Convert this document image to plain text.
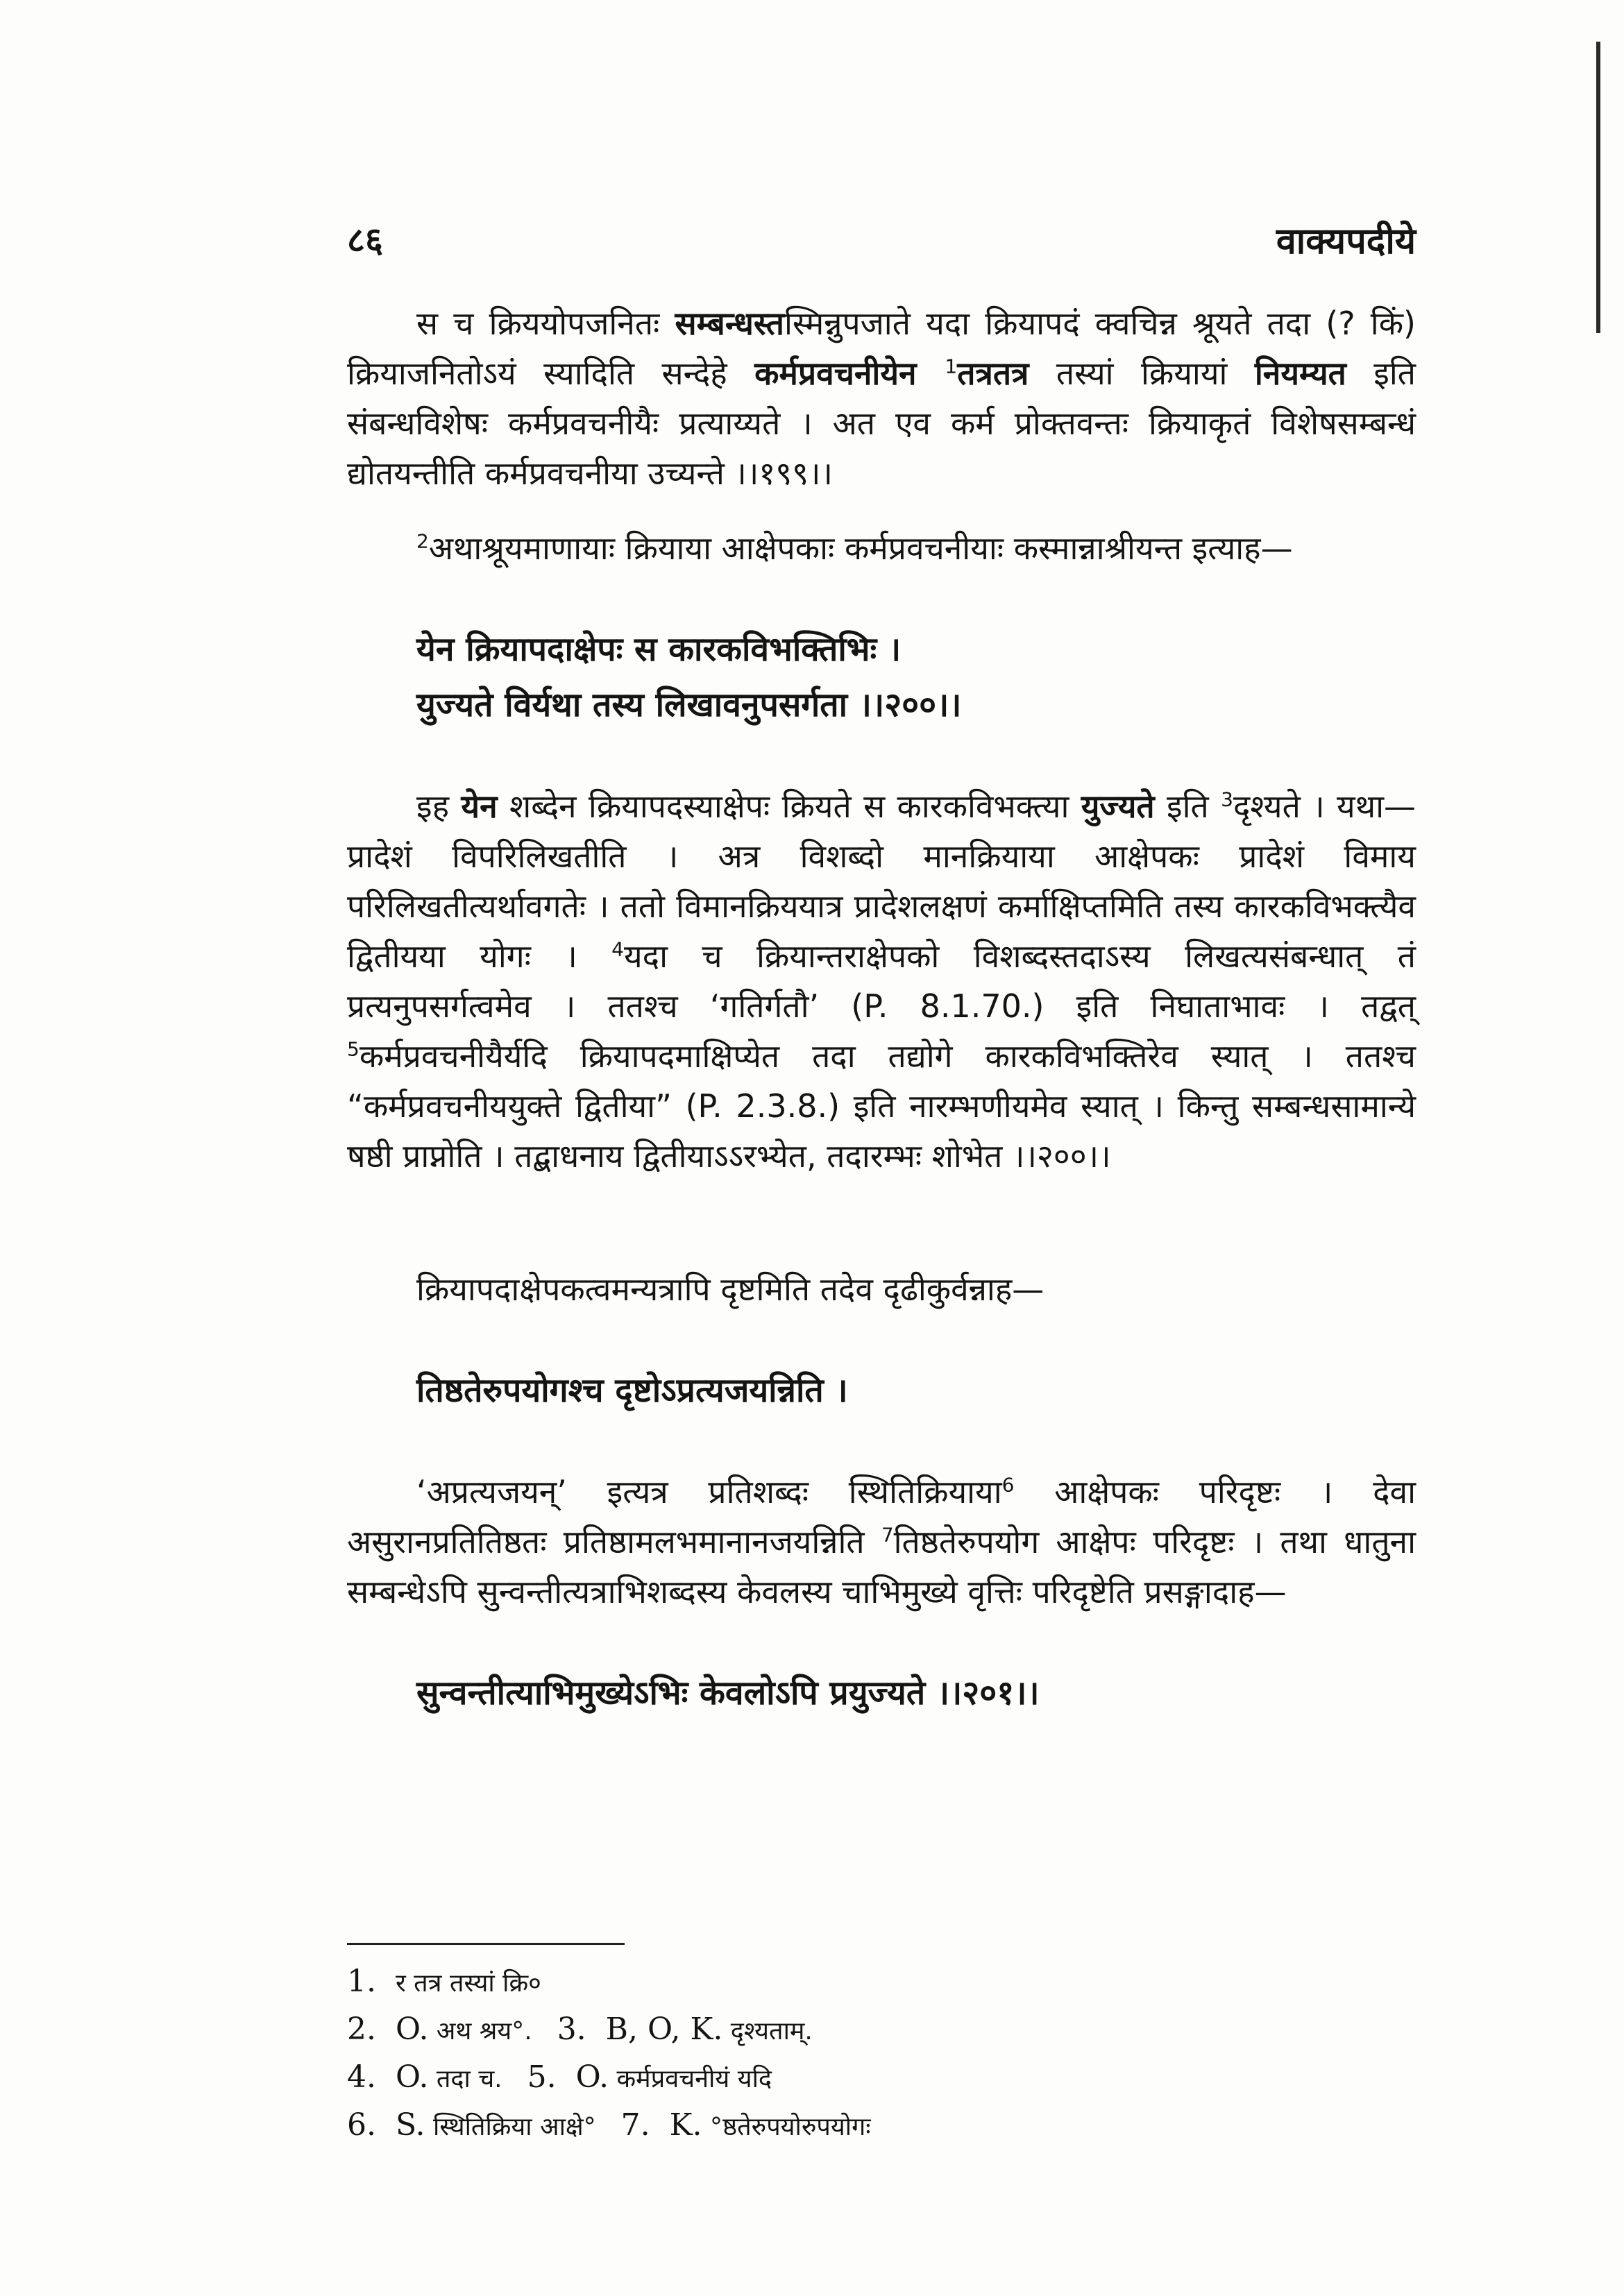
८६	वाक्यपदीये

स च क्रिययोपजनितः सम्बन्धस्तस्मिन्नुपजाते यदा क्रियापदं क्वचिन्न श्रूयते तदा (? किं) क्रियाजनितोऽयं स्यादिति सन्देहे कर्मप्रवचनीयेन $^1$तत्रतत्र तस्यां क्रियायां नियम्यत इति संबन्धविशेषः कर्मप्रवचनीयैः प्रत्याय्यते । अत एव कर्म प्रोक्तवन्तः क्रियाकृतं विशेषसम्बन्धं द्योतयन्तीति कर्मप्रवचनीया उच्यन्ते ।।१९९।।

$^2$अथाश्रूयमाणायाः क्रियाया आक्षेपकाः कर्मप्रवचनीयाः कस्मान्नाश्रीयन्त इत्याह—

येन क्रियापदाक्षेपः स कारकविभक्तिभिः ।

युज्यते विर्यथा तस्य लिखावनुपसर्गता ।।२००।।

इह येन शब्देन क्रियापदस्याक्षेपः क्रियते स कारकविभक्त्या युज्यते इति $^3$दृश्यते । यथा—प्रादेशं विपरिलिखतीति । अत्र विशब्दो मानक्रियाया आक्षेपकः प्रादेशं विमाय परिलिखतीत्यर्थावगतेः । ततो विमानक्रिययात्र प्रादेशलक्षणं कर्माक्षिप्तमिति तस्य कारकविभक्त्यैव द्वितीयया योगः । $^4$यदा च क्रियान्तराक्षेपको विशब्दस्तदाऽस्य लिखत्यसंबन्धात् तं प्रत्यनुपसर्गत्वमेव । ततश्च ‘गतिर्गतौ’ (P. 8.1.70.) इति निघाताभावः । तद्वत् $^5$कर्मप्रवचनीयैर्यदि क्रियापदमाक्षिप्येत तदा तद्योगे कारकविभक्तिरेव स्यात् । ततश्च “कर्मप्रवचनीययुक्ते द्वितीया” (P. 2.3.8.) इति नारम्भणीयमेव स्यात् । किन्तु सम्बन्धसामान्ये षष्ठी प्राप्नोति । तद्बाधनाय द्वितीयाऽऽरभ्येत, तदारम्भः शोभेत ।।२००।।

क्रियापदाक्षेपकत्वमन्यत्रापि दृष्टमिति तदेव दृढीकुर्वन्नाह—

तिष्ठतेरुपयोगश्च दृष्टोऽप्रत्यजयन्निति ।

‘अप्रत्यजयन्’ इत्यत्र प्रतिशब्दः स्थितिक्रियाया$^6$ आक्षेपकः परिदृष्टः । देवा असुरानप्रतितिष्ठतः प्रतिष्ठामलभमानानजयन्निति $^7$तिष्ठतेरुपयोग आक्षेपः परिदृष्टः । तथा धातुना सम्बन्धेऽपि सुन्वन्तीत्यत्राभिशब्दस्य केवलस्य चाभिमुख्ये वृत्तिः परिदृष्टेति प्रसङ्गादाह—

सुन्वन्तीत्याभिमुख्येऽभिः केवलोऽपि प्रयुज्यते ।।२०१।।

1. र तत्र तस्यां क्रि०
2. O. अथ श्रय°. 3. B, O, K. दृश्यताम्.
4. O. तदा च. 5. O. कर्मप्रवचनीयं यदि
6. S. स्थितिक्रिया आक्षे° 7. K. °ष्ठतेरुपयोरुपयोगः
